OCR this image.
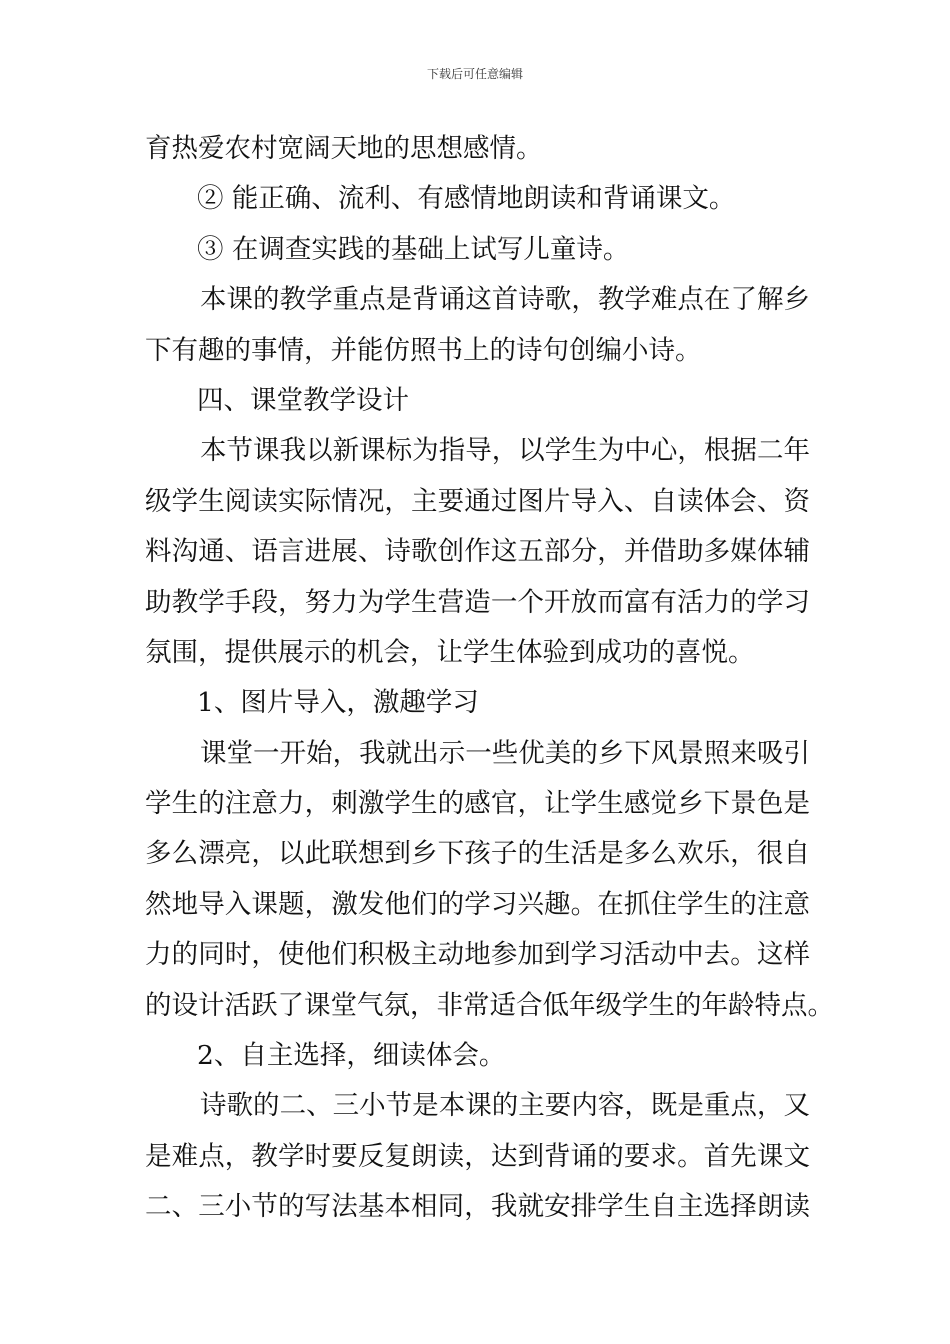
下载后可任意编辑
育热爱农村宽阔天地的思想感情。
② 能正确、流利、有感情地朗读和背诵课文。
③ 在调查实践的基础上试写儿童诗。
本课的教学重点是背诵这首诗歌，教学难点在了解乡
下有趣的事情，并能仿照书上的诗句创编小诗。
四、课堂教学设计
本节课我以新课标为指导，以学生为中心，根据二年
级学生阅读实际情况，主要通过图片导入、自读体会、资
料沟通、语言进展、诗歌创作这五部分，并借助多媒体辅
助教学手段，努力为学生营造一个开放而富有活力的学习
氛围，提供展示的机会，让学生体验到成功的喜悦。
1、图片导入，激趣学习
课堂一开始，我就出示一些优美的乡下风景照来吸引
学生的注意力，刺激学生的感官，让学生感觉乡下景色是
多么漂亮，以此联想到乡下孩子的生活是多么欢乐，很自
然地导入课题，激发他们的学习兴趣。在抓住学生的注意
力的同时，使他们积极主动地参加到学习活动中去。这样
的设计活跃了课堂气氛，非常适合低年级学生的年龄特点。
2、自主选择，细读体会。
诗歌的二、三小节是本课的主要内容，既是重点，又
是难点，教学时要反复朗读，达到背诵的要求。首先课文
二、三小节的写法基本相同，我就安排学生自主选择朗读
